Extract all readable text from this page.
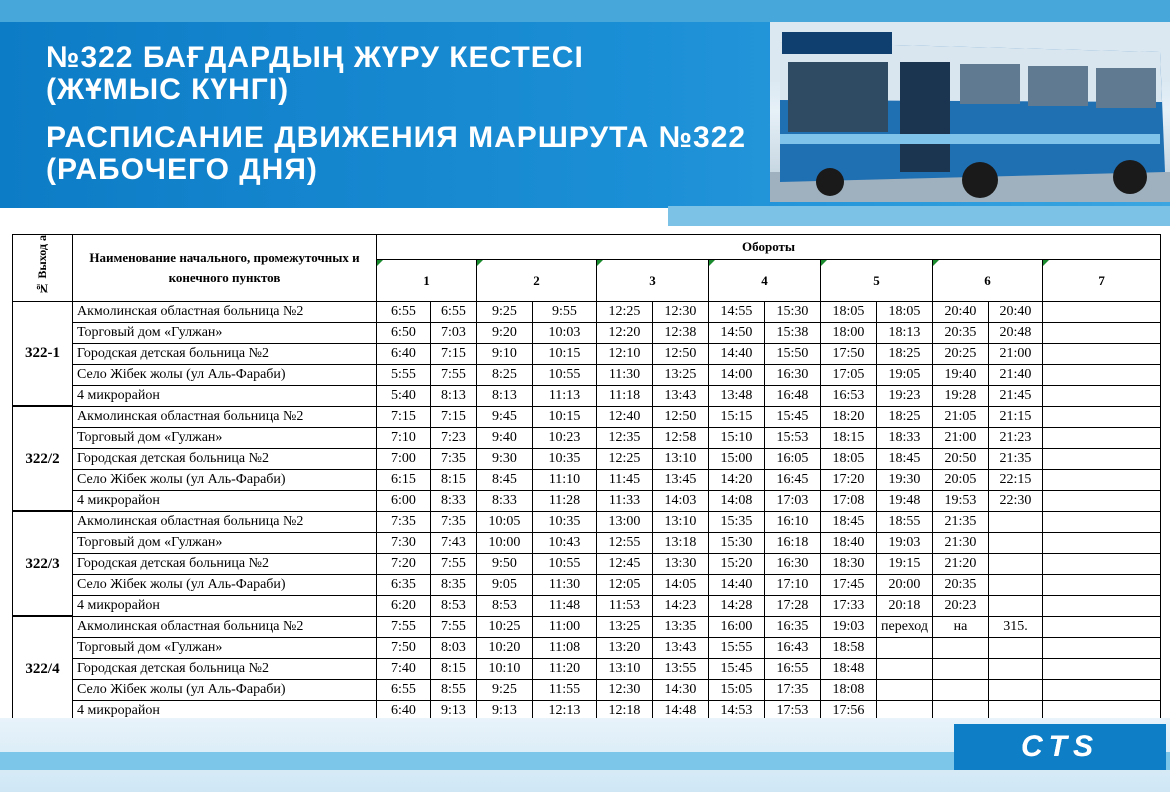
№322 БАҒДАРДЫҢ ЖҮРУ КЕСТЕСІ
(ЖҰМЫС КҮНГІ)
РАСПИСАНИЕ ДВИЖЕНИЯ МАРШРУТА №322
(РАБОЧЕГО ДНЯ)
№ Выход а	Наименование начального, промежуточных и конечного пунктов	Обороты												
		1		2		3		4		5		6		7
322-1	Акмолинская областная больница №2	6:55	6:55	9:25	9:55	12:25	12:30	14:55	15:30	18:05	18:05	20:40	20:40	
	Торговый дом «Гулжан»	6:50	7:03	9:20	10:03	12:20	12:38	14:50	15:38	18:00	18:13	20:35	20:48	
	Городская детская больница №2	6:40	7:15	9:10	10:15	12:10	12:50	14:40	15:50	17:50	18:25	20:25	21:00	
	Село Жібек жолы (ул Аль-Фараби)	5:55	7:55	8:25	10:55	11:30	13:25	14:00	16:30	17:05	19:05	19:40	21:40	
	4 микрорайон	5:40	8:13	8:13	11:13	11:18	13:43	13:48	16:48	16:53	19:23	19:28	21:45	
322/2	Акмолинская областная больница №2	7:15	7:15	9:45	10:15	12:40	12:50	15:15	15:45	18:20	18:25	21:05	21:15	
	Торговый дом «Гулжан»	7:10	7:23	9:40	10:23	12:35	12:58	15:10	15:53	18:15	18:33	21:00	21:23	
	Городская детская больница №2	7:00	7:35	9:30	10:35	12:25	13:10	15:00	16:05	18:05	18:45	20:50	21:35	
	Село Жібек жолы (ул Аль-Фараби)	6:15	8:15	8:45	11:10	11:45	13:45	14:20	16:45	17:20	19:30	20:05	22:15	
	4 микрорайон	6:00	8:33	8:33	11:28	11:33	14:03	14:08	17:03	17:08	19:48	19:53	22:30	
322/3	Акмолинская областная больница №2	7:35	7:35	10:05	10:35	13:00	13:10	15:35	16:10	18:45	18:55	21:35		
	Торговый дом «Гулжан»	7:30	7:43	10:00	10:43	12:55	13:18	15:30	16:18	18:40	19:03	21:30		
	Городская детская больница №2	7:20	7:55	9:50	10:55	12:45	13:30	15:20	16:30	18:30	19:15	21:20		
	Село Жібек жолы (ул Аль-Фараби)	6:35	8:35	9:05	11:30	12:05	14:05	14:40	17:10	17:45	20:00	20:35		
	4 микрорайон	6:20	8:53	8:53	11:48	11:53	14:23	14:28	17:28	17:33	20:18	20:23		
322/4	Акмолинская областная больница №2	7:55	7:55	10:25	11:00	13:25	13:35	16:00	16:35	19:03	переход	на	315.	
	Торговый дом «Гулжан»	7:50	8:03	10:20	11:08	13:20	13:43	15:55	16:43	18:58				
	Городская детская больница №2	7:40	8:15	10:10	11:20	13:10	13:55	15:45	16:55	18:48				
	Село Жібек жолы (ул Аль-Фараби)	6:55	8:55	9:25	11:55	12:30	14:30	15:05	17:35	18:08				
	4 микрорайон	6:40	9:13	9:13	12:13	12:18	14:48	14:53	17:53	17:56				
CTS
